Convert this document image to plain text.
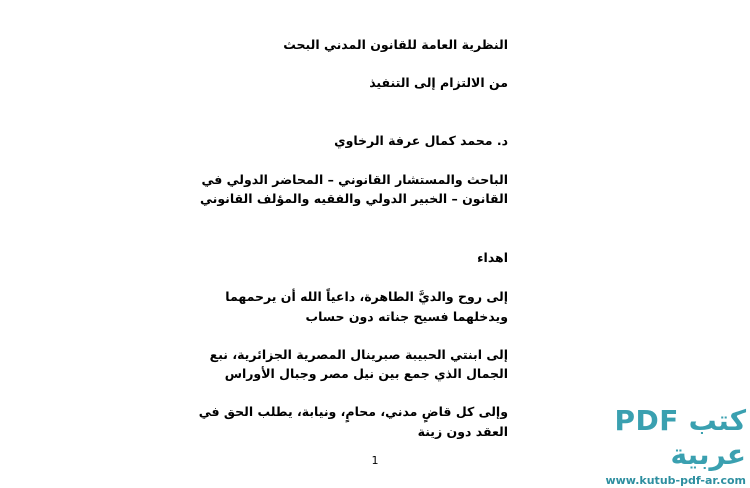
النظرية العامة للقانون المدني البحث
من الالتزام إلى التنفيذ
د. محمد كمال عرفة الرخاوي
الباحث والمستشار القانوني – المحاضر الدولي في
القانون – الخبير الدولي والفقيه والمؤلف القانوني
اهداء
إلى روح والديَّ الطاهرة، داعياً الله أن يرحمهما
ويدخلهما فسيح جناته دون حساب
إلى ابنتي الحبيبة صبرينال المصرية الجزائرية، نبع
الجمال الذي جمع بين نيل مصر وجبال الأوراس
وإلى كل قاضٍ مدني، محامٍ، ونيابة، يطلب الحق في
العقد دون زينة
1
كتب PDF عربية
www.kutub-pdf-ar.com
